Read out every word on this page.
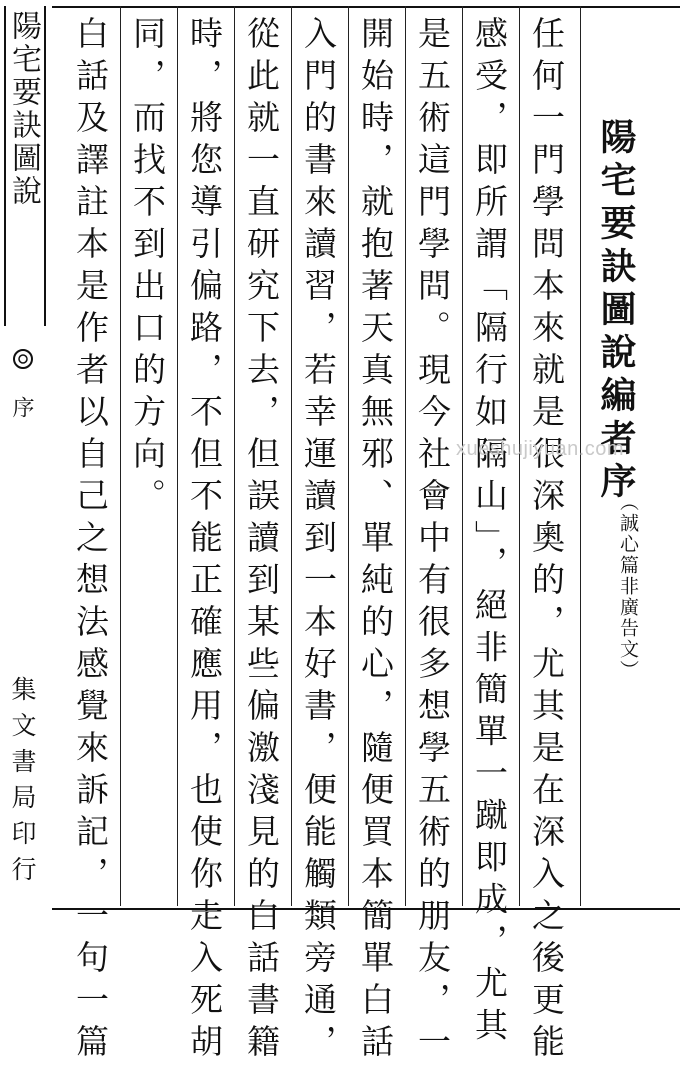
陽宅要訣圖說
序
集文書局印行
陽宅要訣圖說編者序
（誠心篇非廣告文）
任何一門學問本來就是很深奧的，尤其是在深入之後更能
感受，即所謂「隔行如隔山」，絕非簡單一蹴即成，尤其
是五術這門學問。現今社會中有很多想學五術的朋友，一
開始時，就抱著天真無邪、單純的心，隨便買本簡單白話
入門的書來讀習，若幸運讀到一本好書，便能觸類旁通，
從此就一直研究下去，但誤讀到某些偏激淺見的白話書籍
時，將您導引偏路，不但不能正確應用，也使你走入死胡
同，而找不到出口的方向。
白話及譯註本是作者以自己之想法感覺來訴記，一句一篇	xueshujiyuan.com
